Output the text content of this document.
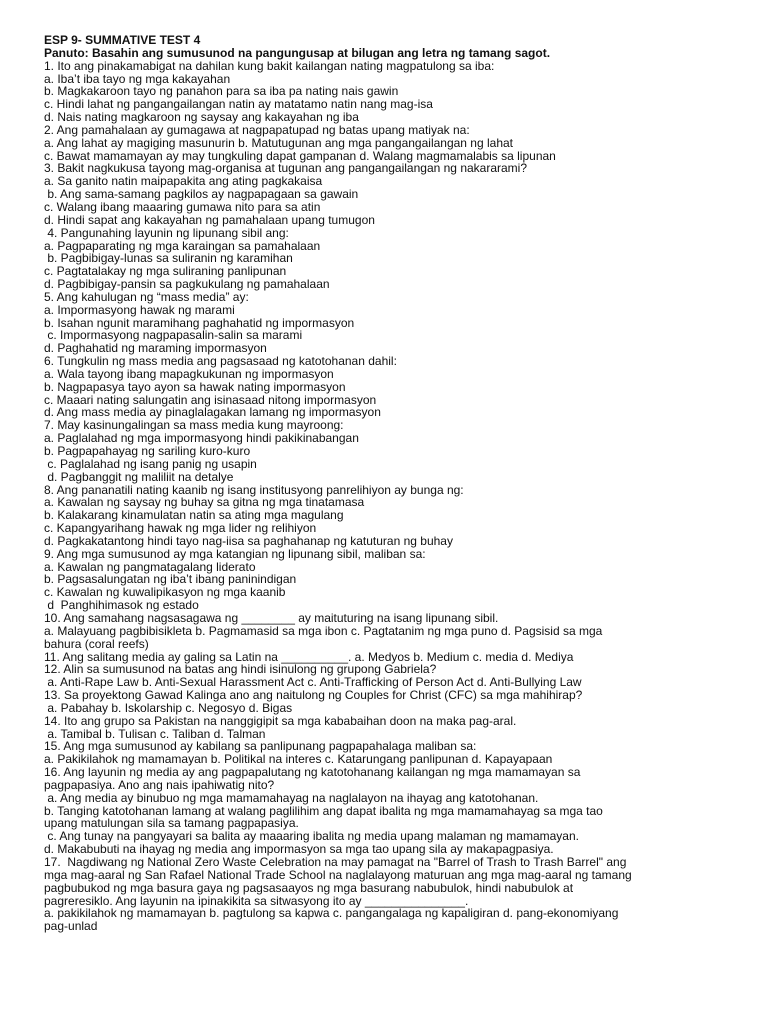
ESP 9- SUMMATIVE TEST 4
Panuto: Basahin ang sumusunod na pangungusap at bilugan ang letra ng tamang sagot.
1. Ito ang pinakamabigat na dahilan kung bakit kailangan nating magpatulong sa iba:
a. Iba’t iba tayo ng mga kakayahan
b. Magkakaroon tayo ng panahon para sa iba pa nating nais gawin
c. Hindi lahat ng pangangailangan natin ay matatamo natin nang mag-isa
d. Nais nating magkaroon ng saysay ang kakayahan ng iba
2. Ang pamahalaan ay gumagawa at nagpapatupad ng batas upang matiyak na:
a. Ang lahat ay magiging masunurin b. Matutugunan ang mga pangangailangan ng lahat
c. Bawat mamamayan ay may tungkuling dapat gampanan d. Walang magmamalabis sa lipunan
3. Bakit nagkukusa tayong mag-organisa at tugunan ang pangangailangan ng nakararami?
a. Sa ganito natin maipapakita ang ating pagkakaisa
b. Ang sama-samang pagkilos ay nagpapagaan sa gawain
c. Walang ibang maaaring gumawa nito para sa atin
d. Hindi sapat ang kakayahan ng pamahalaan upang tumugon
4. Pangunahing layunin ng lipunang sibil ang:
a. Pagpaparating ng mga karaingan sa pamahalaan
b. Pagbibigay-lunas sa suliranin ng karamihan
c. Pagtatalakay ng mga suliraning panlipunan
d. Pagbibigay-pansin sa pagkukulang ng pamahalaan
5. Ang kahulugan ng “mass media” ay:
a. Impormasyong hawak ng marami
b. Isahan ngunit maramihang paghahatid ng impormasyon
c. Impormasyong nagpapasalin-salin sa marami
d. Paghahatid ng maraming impormasyon
6. Tungkulin ng mass media ang pagsasaad ng katotohanan dahil:
a. Wala tayong ibang mapagkukunan ng impormasyon
b. Nagpapasya tayo ayon sa hawak nating impormasyon
c. Maaari nating salungatin ang isinasaad nitong impormasyon
d. Ang mass media ay pinaglalagakan lamang ng impormasyon
7. May kasinungalingan sa mass media kung mayroong:
a. Paglalahad ng mga impormasyong hindi pakikinabangan
b. Pagpapahayag ng sariling kuro-kuro
c. Paglalahad ng isang panig ng usapin
d. Pagbanggit ng maliliit na detalye
8. Ang pananatili nating kaanib ng isang institusyong panrelihiyon ay bunga ng:
a. Kawalan ng saysay ng buhay sa gitna ng mga tinatamasa
b. Kalakarang kinamulatan natin sa ating mga magulang
c. Kapangyarihang hawak ng mga lider ng relihiyon
d. Pagkakatantong hindi tayo nag-iisa sa paghahanap ng katuturan ng buhay
9. Ang mga sumusunod ay mga katangian ng lipunang sibil, maliban sa:
a. Kawalan ng pangmatagalang liderato
b. Pagsasalungatan ng iba’t ibang paninindigan
c. Kawalan ng kuwalipikasyon ng mga kaanib
d  Panghihimasok ng estado
10. Ang samahang nagsasagawa ng ________ ay maituturing na isang lipunang sibil.
a. Malayuang pagbibisikleta b. Pagmamasid sa mga ibon c. Pagtatanim ng mga puno d. Pagsisid sa mga
bahura (coral reefs)
11. Ang salitang media ay galing sa Latin na __________. a. Medyos b. Medium c. media d. Mediya
12. Alin sa sumusunod na batas ang hindi isinulong ng grupong Gabriela?
a. Anti-Rape Law b. Anti-Sexual Harassment Act c. Anti-Trafficking of Person Act d. Anti-Bullying Law
13. Sa proyektong Gawad Kalinga ano ang naitulong ng Couples for Christ (CFC) sa mga mahihirap?
a. Pabahay b. Iskolarship c. Negosyo d. Bigas
14. Ito ang grupo sa Pakistan na nanggigipit sa mga kababaihan doon na maka pag-aral.
a. Tamibal b. Tulisan c. Taliban d. Talman
15. Ang mga sumusunod ay kabilang sa panlipunang pagpapahalaga maliban sa:
a. Pakikilahok ng mamamayan b. Politikal na interes c. Katarungang panlipunan d. Kapayapaan
16. Ang layunin ng media ay ang pagpapalutang ng katotohanang kailangan ng mga mamamayan sa
pagpapasiya. Ano ang nais ipahiwatig nito?
a. Ang media ay binubuo ng mga mamamahayag na naglalayon na ihayag ang katotohanan.
b. Tanging katotohanan lamang at walang paglilihim ang dapat ibalita ng mga mamamahayag sa mga tao
upang matulungan sila sa tamang pagpapasiya.
c. Ang tunay na pangyayari sa balita ay maaaring ibalita ng media upang malaman ng mamamayan.
d. Makabubuti na ihayag ng media ang impormasyon sa mga tao upang sila ay makapagpasiya.
17.  Nagdiwang ng National Zero Waste Celebration na may pamagat na "Barrel of Trash to Trash Barrel" ang
mga mag-aaral ng San Rafael National Trade School na naglalayong maturuan ang mga mag-aaral ng tamang
pagbubukod ng mga basura gaya ng pagsasaayos ng mga basurang nabubulok, hindi nabubulok at
pagreresiklo. Ang layunin na ipinakikita sa sitwasyong ito ay _______________.
a. pakikilahok ng mamamayan b. pagtulong sa kapwa c. pangangalaga ng kapaligiran d. pang-ekonomiyang
pag-unlad
